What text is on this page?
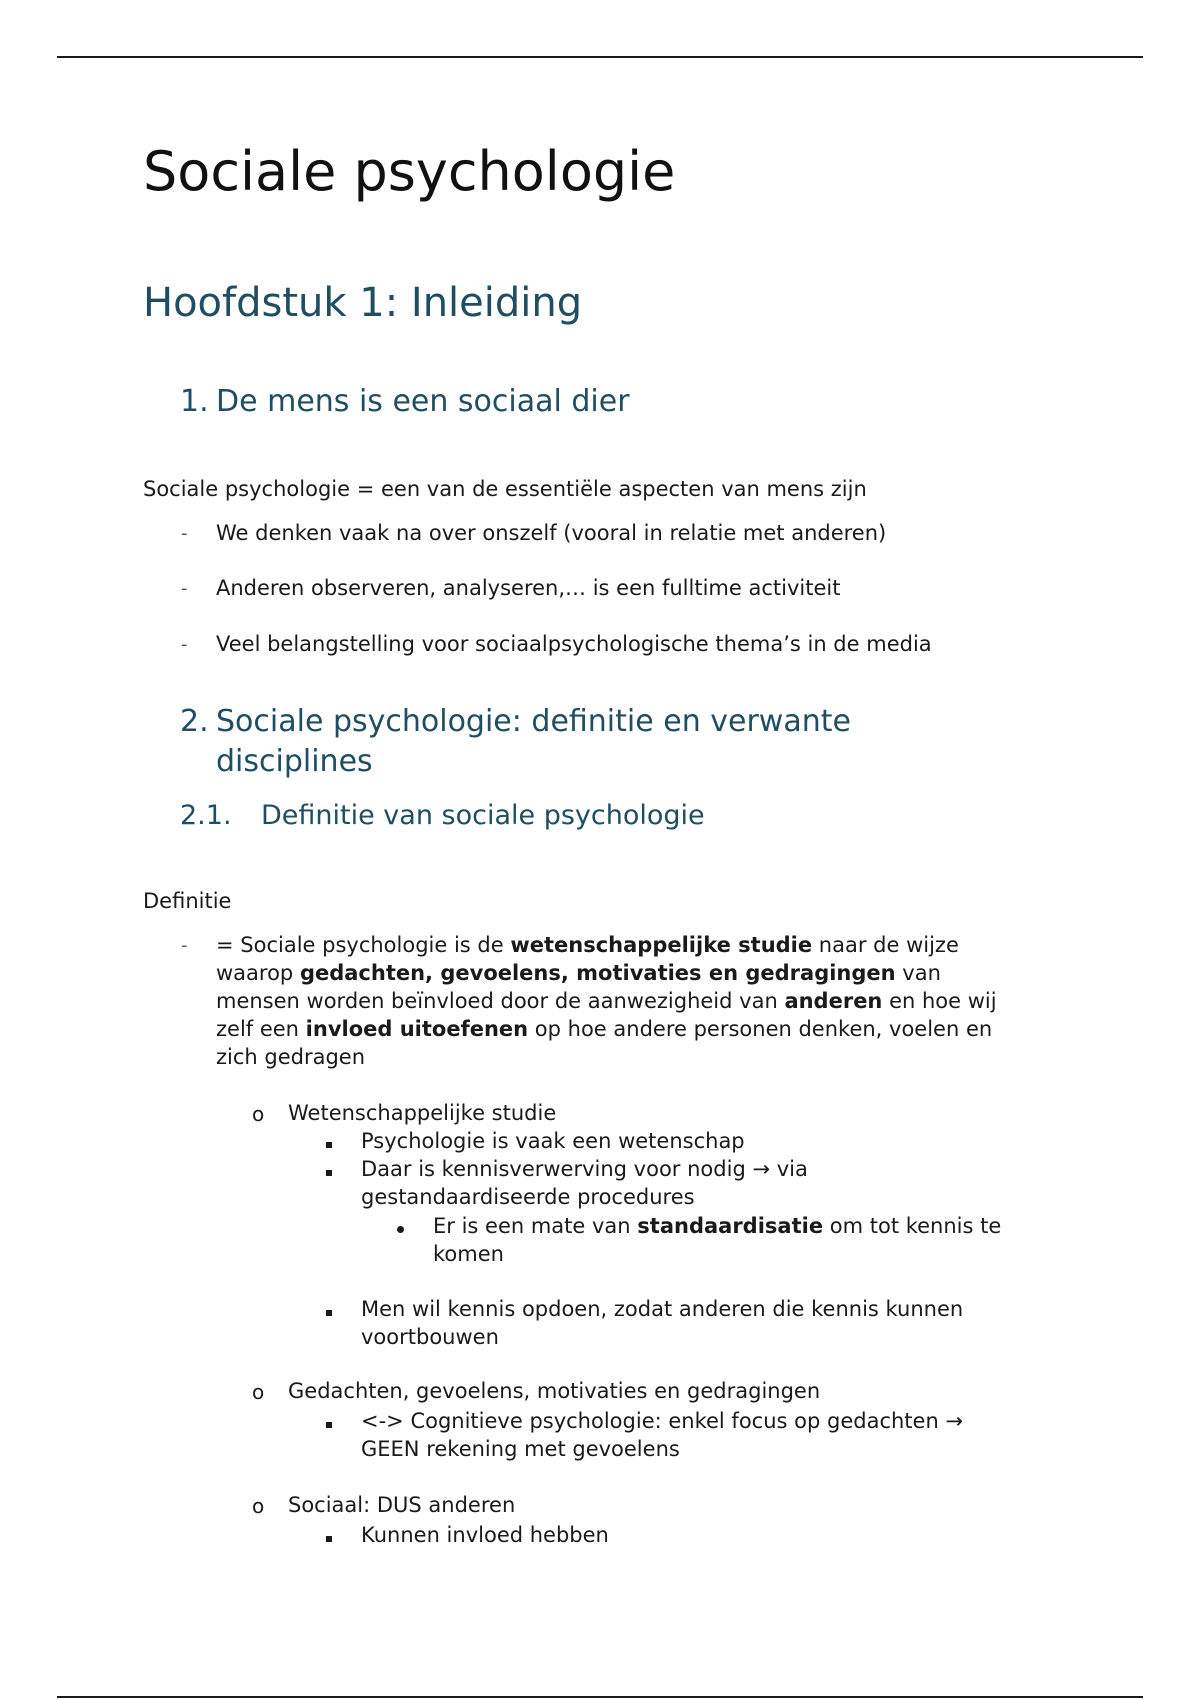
Sociale psychologie
Hoofdstuk 1: Inleiding
1. De mens is een sociaal dier

Sociale psychologie = een van de essentiële aspecten van mens zijn

- We denken vaak na over onszelf (vooral in relatie met anderen)

- Anderen observeren, analyseren,… is een fulltime activiteit

- Veel belangstelling voor sociaalpsychologische thema’s in de media

2. Sociale psychologie: definitie en verwante
disciplines
2.1. Definitie van sociale psychologie

Definitie

- = Sociale psychologie is de wetenschappelijke studie naar de wijze
waarop gedachten, gevoelens, motivaties en gedragingen van
mensen worden beïnvloed door de aanwezigheid van anderen en hoe wij
zelf een invloed uitoefenen op hoe andere personen denken, voelen en
zich gedragen
o Wetenschappelijke studie

Psychologie is vaak een wetenschap

Daar is kennisverwerving voor nodig → via
gestandaardiseerde procedures
Er is een mate van standaardisatie om tot kennis te
komen
Men wil kennis opdoen, zodat anderen die kennis kunnen
voortbouwen
o Gedachten, gevoelens, motivaties en gedragingen

<-> Cognitieve psychologie: enkel focus op gedachten →
GEEN rekening met gevoelens
o Sociaal: DUS anderen

Kunnen invloed hebben
